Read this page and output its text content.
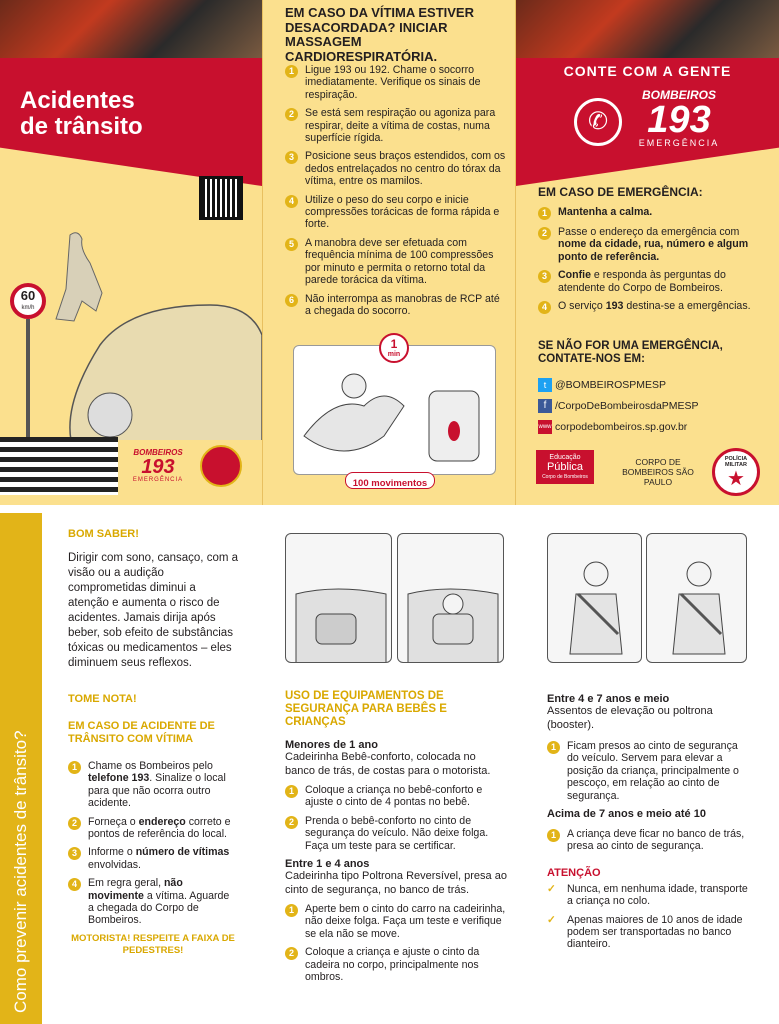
Acidentes
de trânsito
60
km/h
BOMBEIROS
193
EMERGÊNCIA
EM CASO DA VÍTIMA ESTIVER DESACORDADA? INICIAR MASSAGEM CARDIORESPIRATÓRIA.
1	Ligue 193 ou 192. Chame o socorro imediatamente. Verifique os sinais de respiração.
2	Se está sem respiração ou agoniza para respirar, deite a vítima de costas, numa superfície rígida.
3	Posicione seus braços estendidos, com os dedos entrelaçados no centro do tórax da vítima, entre os mamilos.
4	Utilize o peso do seu corpo e inicie compressões torácicas de forma rápida e forte.
5	A manobra deve ser efetuada com frequência mínima de 100 compressões por minuto e permita o retorno total da parede torácica da vítima.
6	Não interrompa as manobras de RCP até a chegada do socorro.
1
min
100 movimentos
CONTE COM A GENTE
✆
BOMBEIROS
193
EMERGÊNCIA
EM CASO DE EMERGÊNCIA:
1	Mantenha a calma.
2	Passe o endereço da emergência com nome da cidade, rua, número e algum ponto de referência.
3	Confie e responda às perguntas do atendente do Corpo de Bombeiros.
4	O serviço 193 destina-se a emergências.
SE NÃO FOR UMA EMERGÊNCIA, CONTATE-NOS EM:
t @BOMBEIROSPMESP
f /CorpoDeBombeirosdaPMESP
www corpodebombeiros.sp.gov.br
Educação
Pública
Corpo de Bombeiros
CORPO DE BOMBEIROS SÃO PAULO
POLÍCIA MILITAR
★
Como prevenir acidentes de trânsito?
BOM SABER!
Dirigir com sono, cansaço, com a visão ou a audição comprometidas diminui a atenção e aumenta o risco de acidentes. Jamais dirija após beber, sob efeito de substâncias tóxicas ou medicamentos – eles diminuem seus reflexos.
TOME NOTA!
EM CASO DE ACIDENTE DE TRÂNSITO COM VÍTIMA
1	Chame os Bombeiros pelo telefone 193. Sinalize o local para que não ocorra outro acidente.
2	Forneça o endereço correto e pontos de referência do local.
3	Informe o número de vítimas envolvidas.
4	Em regra geral, não movimente a vítima. Aguarde a chegada do Corpo de Bombeiros.
MOTORISTA! RESPEITE A FAIXA DE PEDESTRES!
USO DE EQUIPAMENTOS DE SEGURANÇA PARA BEBÊS E CRIANÇAS
Menores de 1 ano
Cadeirinha Bebê-conforto, colocada no banco de trás, de costas para o motorista.
1	Coloque a criança no bebê-conforto e ajuste o cinto de 4 pontas no bebê.
2	Prenda o bebê-conforto no cinto de segurança do veículo. Não deixe folga. Faça um teste para se certificar.
Entre 1 e 4 anos
Cadeirinha tipo Poltrona Reversível, presa ao cinto de segurança, no banco de trás.
1	Aperte bem o cinto do carro na cadeirinha, não deixe folga. Faça um teste e verifique se ela não se move.
2	Coloque a criança e ajuste o cinto da cadeira no corpo, principalmente nos ombros.
Entre 4 e 7 anos e meio
Assentos de elevação ou poltrona (booster).
1	Ficam presos ao cinto de segurança do veículo. Servem para elevar a posição da criança, principalmente o pescoço, em relação ao cinto de segurança.
Acima de 7 anos e meio até 10
1	A criança deve ficar no banco de trás, presa ao cinto de segurança.
ATENÇÃO
✓	Nunca, em nenhuma idade, transporte a criança no colo.
✓	Apenas maiores de 10 anos de idade podem ser transportadas no banco dianteiro.
